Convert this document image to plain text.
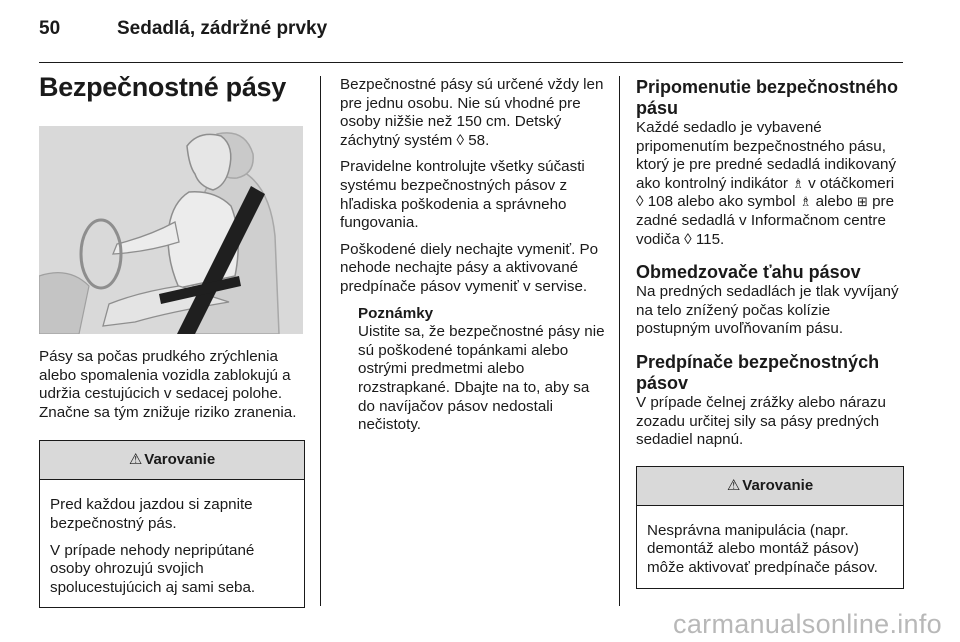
50	Sedadlá, zádržné prvky
Bezpečnostné pásy

Pásy sa počas prudkého zrýchlenia alebo spomalenia vozidla zablokujú a udržia cestujúcich v sedacej polohe. Značne sa tým znižuje riziko zranenia.

⚠ Varovanie

Pred každou jazdou si zapnite bezpečnostný pás.

V prípade nehody nepripútané osoby ohrozujú svojich spolucestujúcich aj sami seba.

Bezpečnostné pásy sú určené vždy len pre jednu osobu. Nie sú vhodné pre osoby nižšie než 150 cm. Detský záchytný systém ◊ 58.

Pravidelne kontrolujte všetky súčasti systému bezpečnostných pásov z hľadiska poškodenia a správneho fungovania.

Poškodené diely nechajte vymeniť. Po nehode nechajte pásy a aktivované predpínače pásov vymeniť v servise.

Poznámky

Uistite sa, že bezpečnostné pásy nie sú poškodené topánkami alebo ostrými predmetmi alebo rozstrapkané. Dbajte na to, aby sa do navíjačov pásov nedostali nečistoty.

Pripomenutie bezpečnostného pásu

Každé sedadlo je vybavené pripomenutím bezpečnostného pásu, ktorý je pre predné sedadlá indikovaný ako kontrolný indikátor ♗ v otáčkomeri ◊ 108 alebo ako symbol ♗ alebo ⊞ pre zadné sedadlá v Informačnom centre vodiča ◊ 115.

Obmedzovače ťahu pásov

Na predných sedadlách je tlak vyvíjaný na telo znížený počas kolízie postupným uvoľňovaním pásu.

Predpínače bezpečnostných pásov

V prípade čelnej zrážky alebo nárazu zozadu určitej sily sa pásy predných sedadiel napnú.

⚠ Varovanie

Nesprávna manipulácia (napr. demontáž alebo montáž pásov) môže aktivovať predpínače pásov.

carmanualsonline.info
